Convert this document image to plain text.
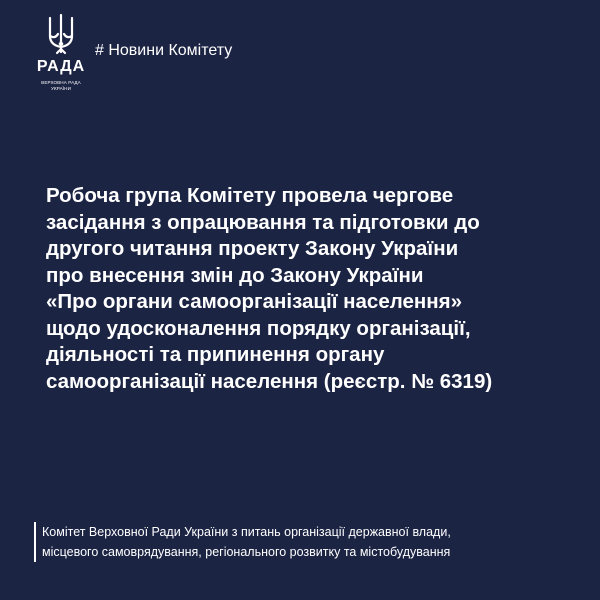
РАДА
ВЕРХОВНА РАДА
УКРАЇНИ
# Новини Комітету
Робоча група Комітету провела чергове
засідання з опрацювання та підготовки до
другого читання проекту Закону України
про внесення змін до Закону України
«Про органи самоорганізації населення»
щодо удосконалення порядку організації,
діяльності та припинення органу
самоорганізації населення (реєстр. № 6319)
Комітет Верховної Ради України з питань організації державної влади,
місцевого самоврядування, регіонального розвитку та містобудування
